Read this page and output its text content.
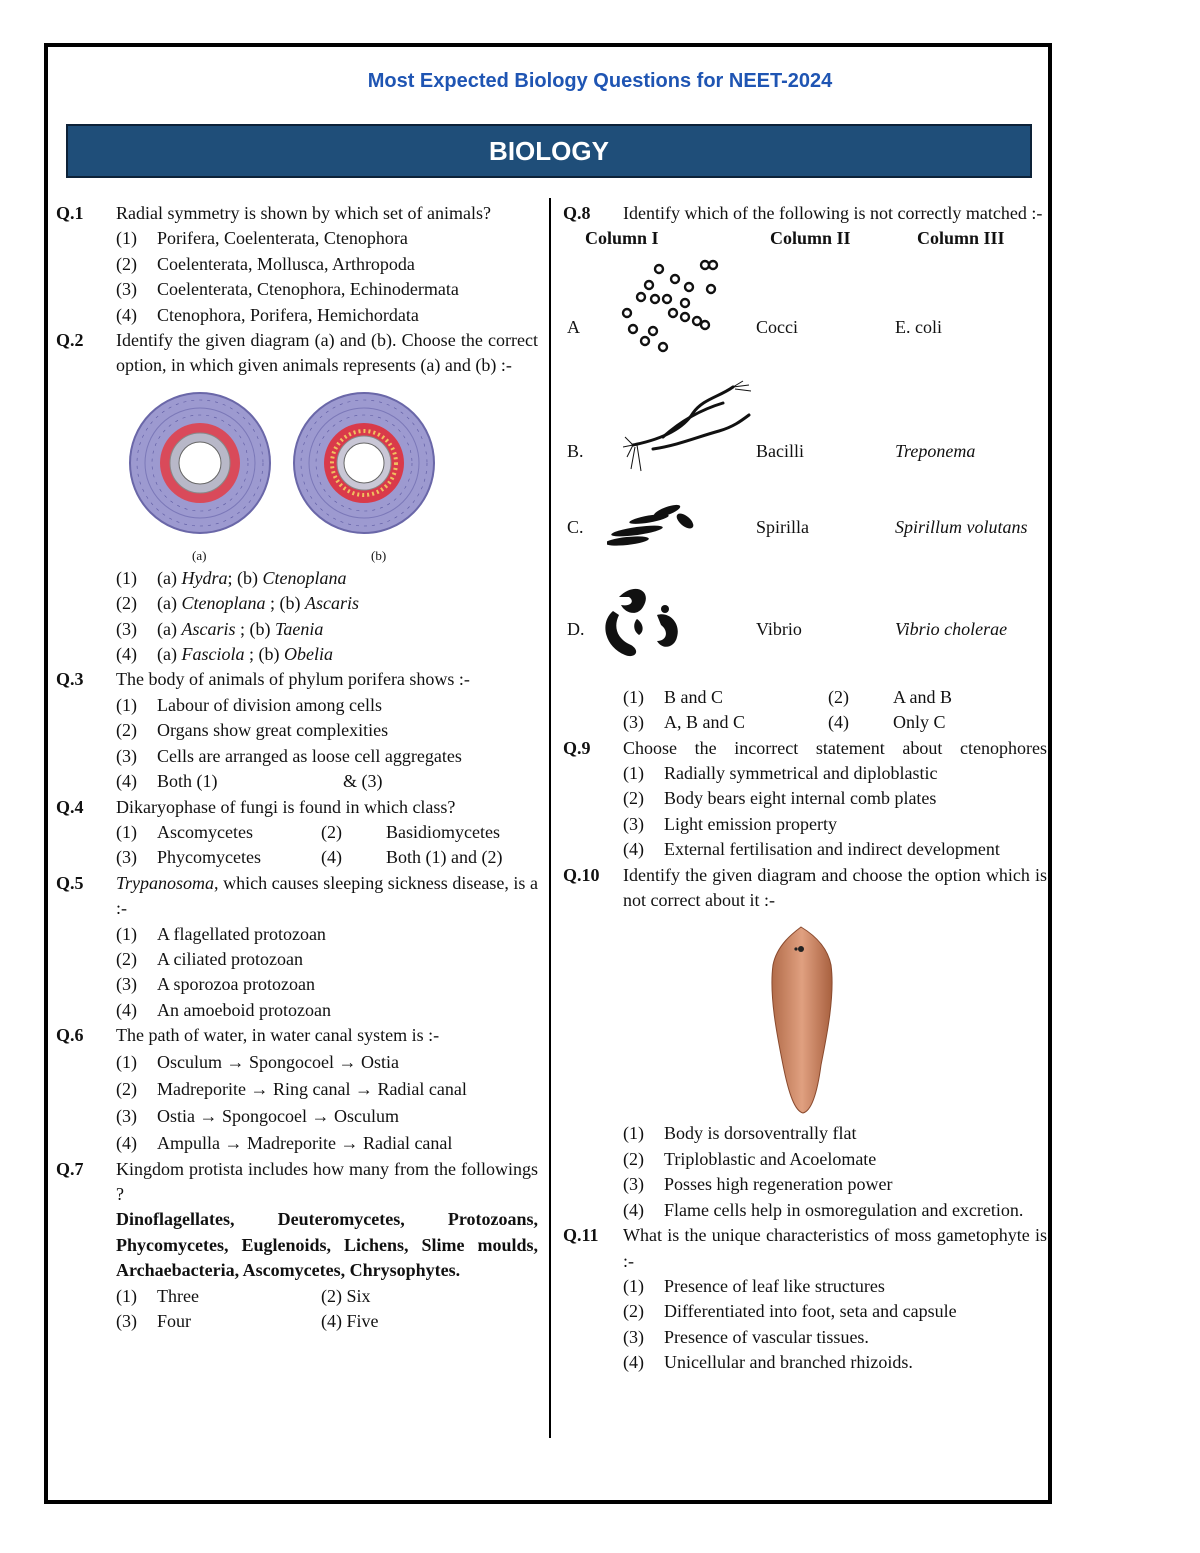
Most Expected Biology Questions for NEET-2024
BIOLOGY
Q.1 Radial symmetry is shown by which set of animals?
(1) Porifera, Coelenterata, Ctenophora
(2) Coelenterata, Mollusca, Arthropoda
(3) Coelenterata, Ctenophora, Echinodermata
(4) Ctenophora, Porifera, Hemichordata
Q.2 Identify the given diagram (a) and (b). Choose the correct option, in which given animals represents (a) and (b) :-
(a)	(b)
(1) (a) Hydra; (b) Ctenoplana
(2) (a) Ctenoplana ; (b) Ascaris
(3) (a) Ascaris ; (b) Taenia
(4) (a) Fasciola ; (b) Obelia
Q.3 The body of animals of phylum porifera shows :-
(1) Labour of division among cells
(2) Organs show great complexities
(3) Cells are arranged as loose cell aggregates
(4) Both (1)	& (3)
Q.4 Dikaryophase of fungi is found in which class?
(1) Ascomycetes	(2) Basidiomycetes
(3) Phycomycetes	(4) Both (1) and (2)
Q.5 Trypanosoma, which causes sleeping sickness disease, is a :-
(1) A flagellated protozoan
(2) A ciliated protozoan
(3) A sporozoa protozoan
(4) An amoeboid protozoan
Q.6 The path of water, in water canal system is :-
(1) Osculum → Spongocoel → Ostia
(2) Madreporite → Ring canal → Radial canal
(3) Ostia → Spongocoel → Osculum
(4) Ampulla → Madreporite → Radial canal
Q.7 Kingdom protista includes how many from the followings ?
Dinoflagellates, Deuteromycetes, Protozoans, Phycomycetes, Euglenoids, Lichens, Slime moulds, Archaebacteria, Ascomycetes, Chrysophytes.
(1) Three	(2) Six
(3) Four	(4) Five
Q.8 Identify which of the following is not correctly matched :-
Column I	Column II	Column III
A	Cocci	E. coli
B.	Bacilli	Treponema
C.	Spirilla	Spirillum volutans
D.	Vibrio	Vibrio cholerae
(1) B and C	(2) A and B
(3) A, B and C	(4) Only C
Q.9 Choose the incorrect statement about ctenophores
(1) Radially symmetrical and diploblastic
(2) Body bears eight internal comb plates
(3) Light emission property
(4) External fertilisation and indirect development
Q.10 Identify the given diagram and choose the option which is not correct about it :-
(1) Body is dorsoventrally flat
(2) Triploblastic and Acoelomate
(3) Posses high regeneration power
(4) Flame cells help in osmoregulation and excretion.
Q.11 What is the unique characteristics of moss gametophyte is :-
(1) Presence of leaf like structures
(2) Differentiated into foot, seta and capsule
(3) Presence of vascular tissues.
(4) Unicellular and branched rhizoids.
